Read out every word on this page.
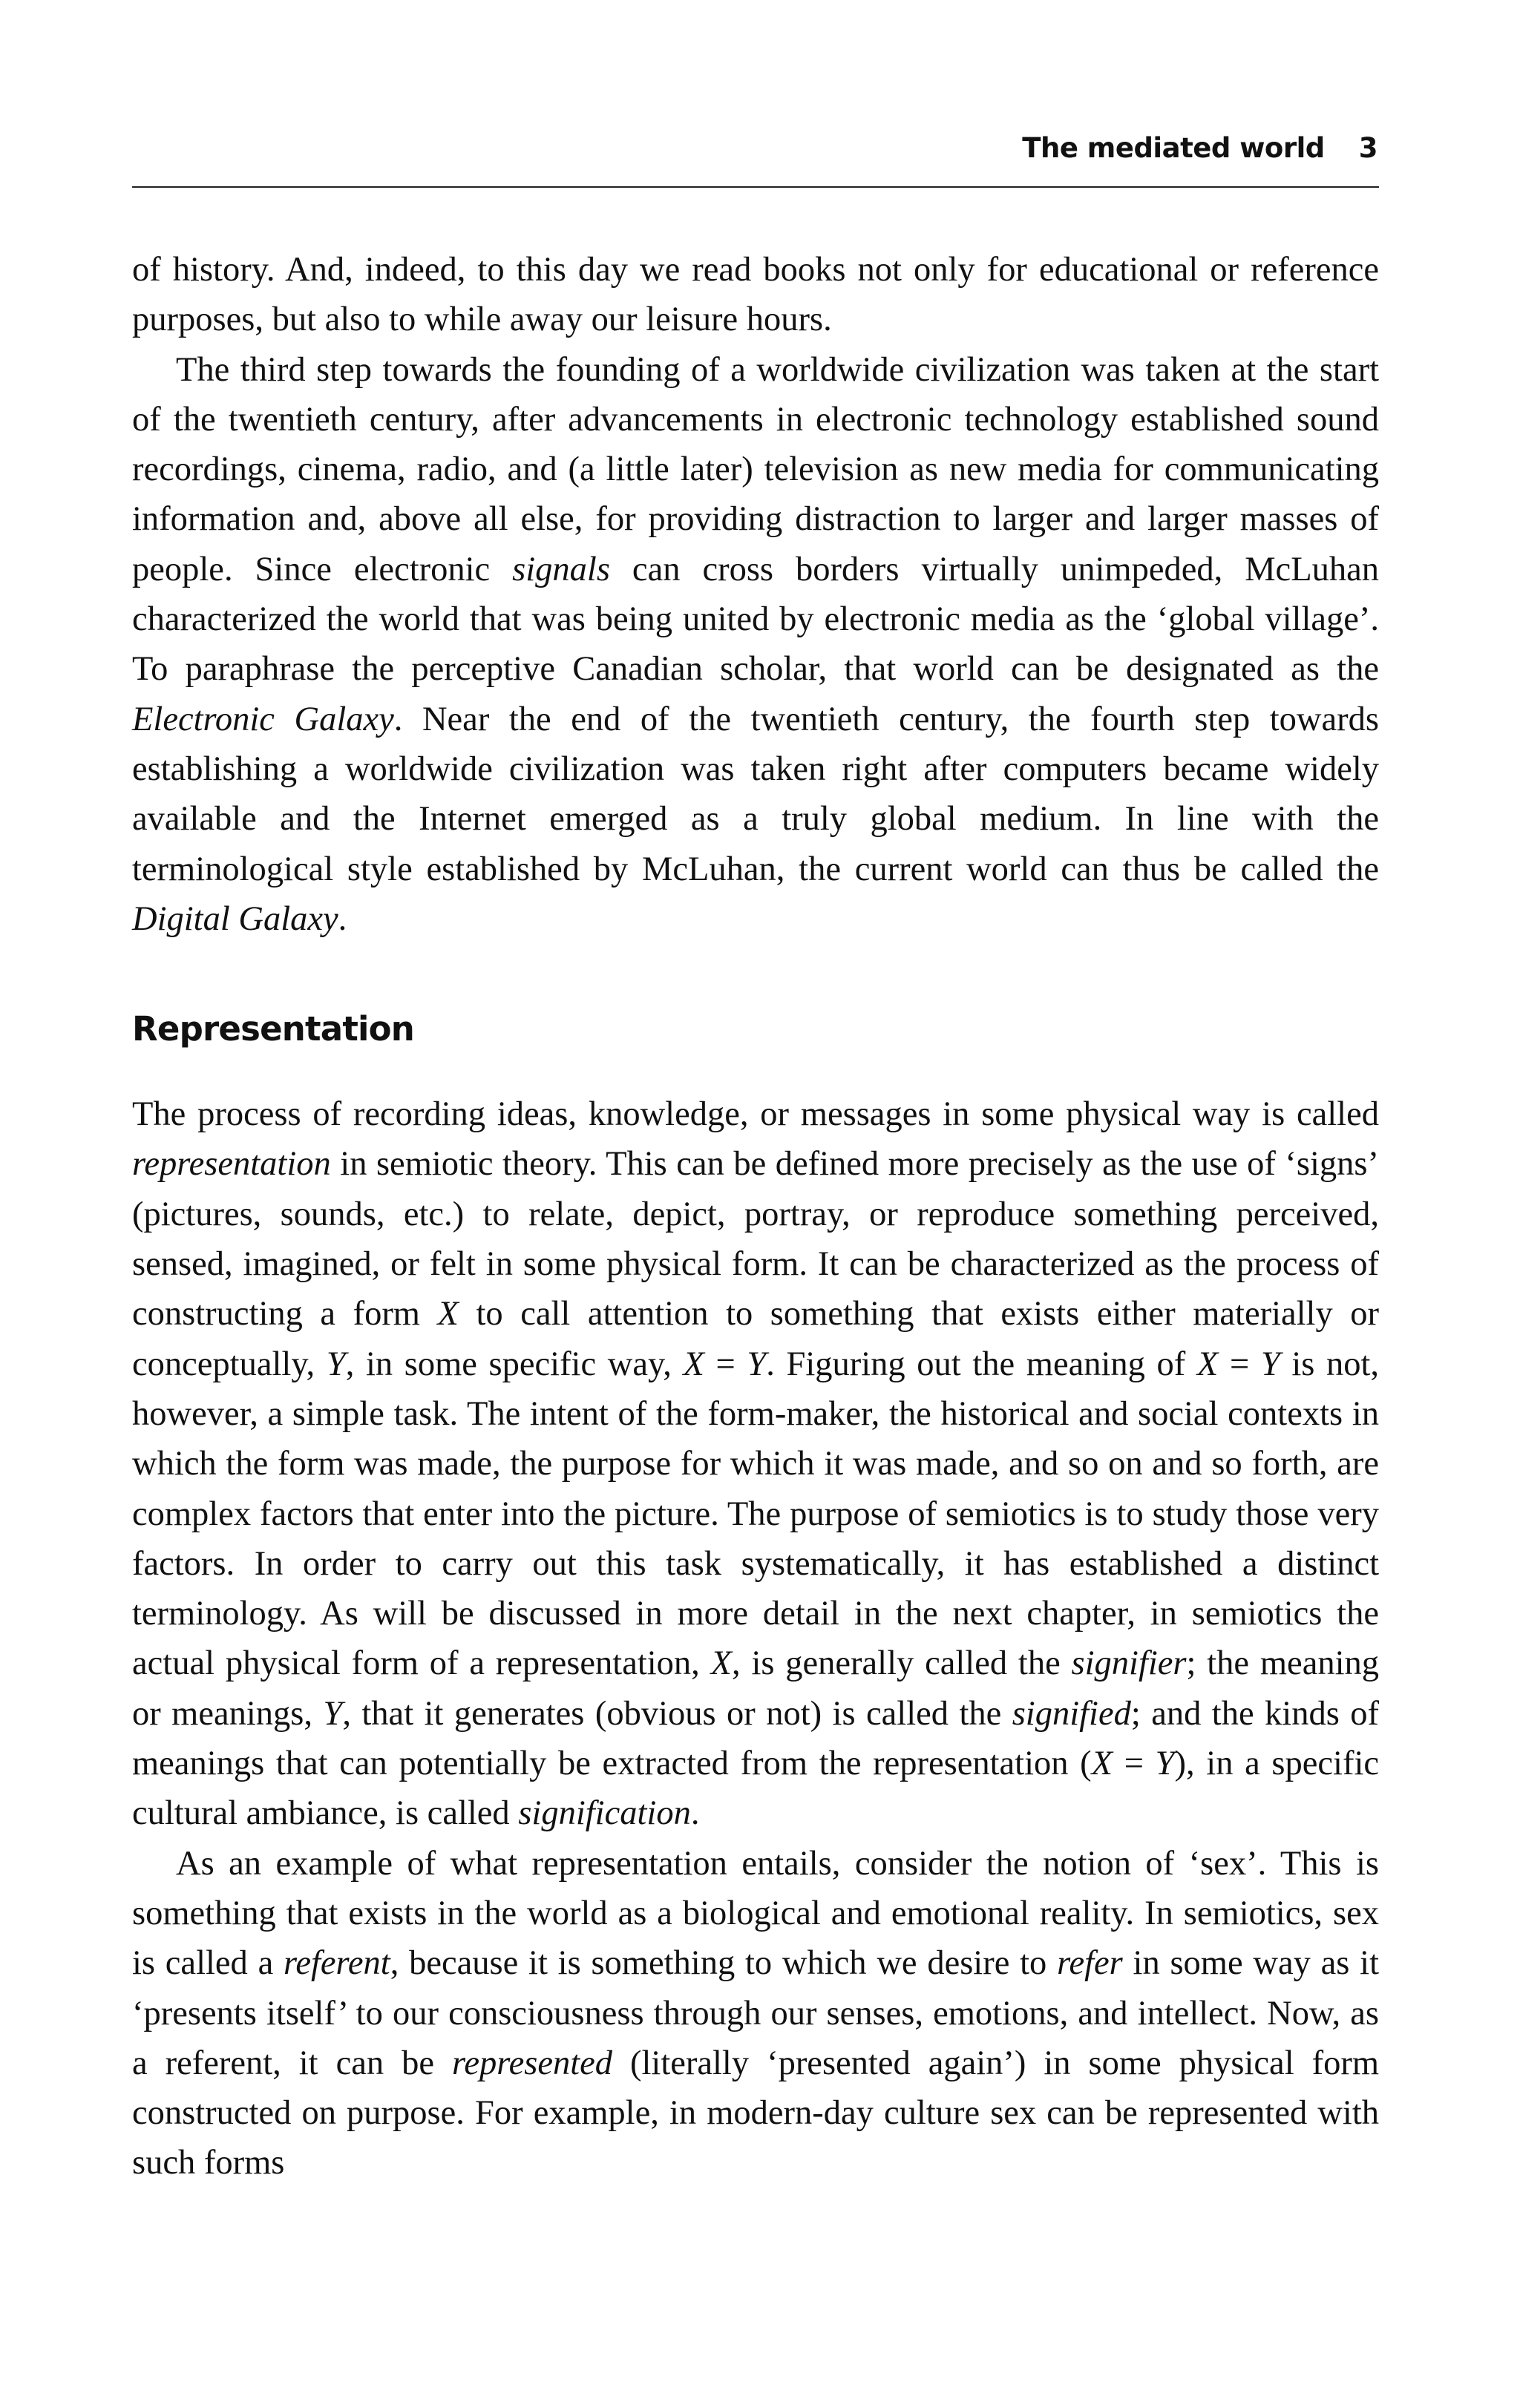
The mediated world 3

of history. And, indeed, to this day we read books not only for educational or reference purposes, but also to while away our leisure hours.

The third step towards the founding of a worldwide civilization was taken at the start of the twentieth century, after advancements in electronic technology established sound recordings, cinema, radio, and (a little later) television as new media for communicating information and, above all else, for providing distraction to larger and larger masses of people. Since electronic signals can cross borders virtually unimpeded, McLuhan characterized the world that was being united by electronic media as the ‘global village’. To paraphrase the perceptive Canadian scholar, that world can be designated as the Electronic Galaxy. Near the end of the twentieth century, the fourth step towards establishing a worldwide civilization was taken right after computers became widely available and the Internet emerged as a truly global medium. In line with the terminological style established by McLuhan, the current world can thus be called the Digital Galaxy.

Representation

The process of recording ideas, knowledge, or messages in some physical way is called representation in semiotic theory. This can be defined more precisely as the use of ‘signs’ (pictures, sounds, etc.) to relate, depict, portray, or reproduce something perceived, sensed, imagined, or felt in some physical form. It can be characterized as the process of constructing a form X to call attention to something that exists either materially or conceptually, Y, in some specific way, X = Y. Figuring out the meaning of X = Y is not, however, a simple task. The intent of the form-maker, the historical and social contexts in which the form was made, the purpose for which it was made, and so on and so forth, are complex factors that enter into the picture. The purpose of semiotics is to study those very factors. In order to carry out this task systematically, it has established a distinct terminology. As will be discussed in more detail in the next chapter, in semiotics the actual physical form of a representation, X, is generally called the signifier; the meaning or meanings, Y, that it generates (obvious or not) is called the signified; and the kinds of meanings that can potentially be extracted from the representation (X = Y), in a specific cultural ambiance, is called signification.

As an example of what representation entails, consider the notion of ‘sex’. This is something that exists in the world as a biological and emotional reality. In semiotics, sex is called a referent, because it is something to which we desire to refer in some way as it ‘presents itself’ to our consciousness through our senses, emotions, and intellect. Now, as a referent, it can be represented (literally ‘presented again’) in some physical form constructed on purpose. For example, in modern-day culture sex can be represented with such forms
